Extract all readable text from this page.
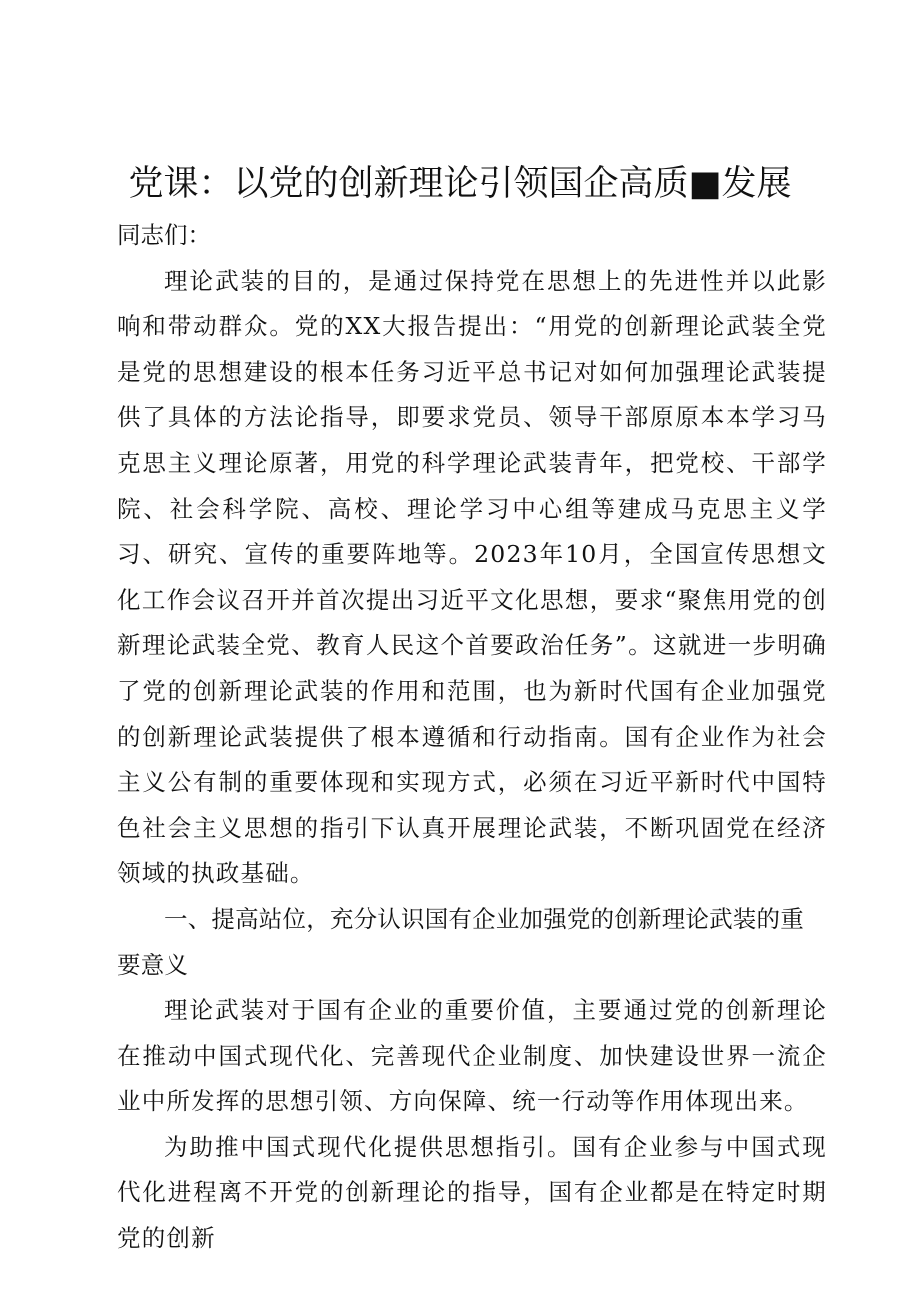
党课：以党的创新理论引领国企高质■发展

同志们：

理论武装的目的，是通过保持党在思想上的先进性并以此影响和带动群众。党的XX大报告提出：“用党的创新理论武装全党是党的思想建设的根本任务习近平总书记对如何加强理论武装提供了具体的方法论指导，即要求党员、领导干部原原本本学习马克思主义理论原著，用党的科学理论武装青年，把党校、干部学院、社会科学院、高校、理论学习中心组等建成马克思主义学习、研究、宣传的重要阵地等。2023年10月，全国宣传思想文化工作会议召开并首次提出习近平文化思想，要求“聚焦用党的创新理论武装全党、教育人民这个首要政治任务”。这就进一步明确了党的创新理论武装的作用和范围，也为新时代国有企业加强党的创新理论武装提供了根本遵循和行动指南。国有企业作为社会主义公有制的重要体现和实现方式，必须在习近平新时代中国特色社会主义思想的指引下认真开展理论武装，不断巩固党在经济领域的执政基础。

一、提高站位，充分认识国有企业加强党的创新理论武装的重要意义

理论武装对于国有企业的重要价值，主要通过党的创新理论在推动中国式现代化、完善现代企业制度、加快建设世界一流企业中所发挥的思想引领、方向保障、统一行动等作用体现出来。

为助推中国式现代化提供思想指引。国有企业参与中国式现代化进程离不开党的创新理论的指导，国有企业都是在特定时期党的创新
